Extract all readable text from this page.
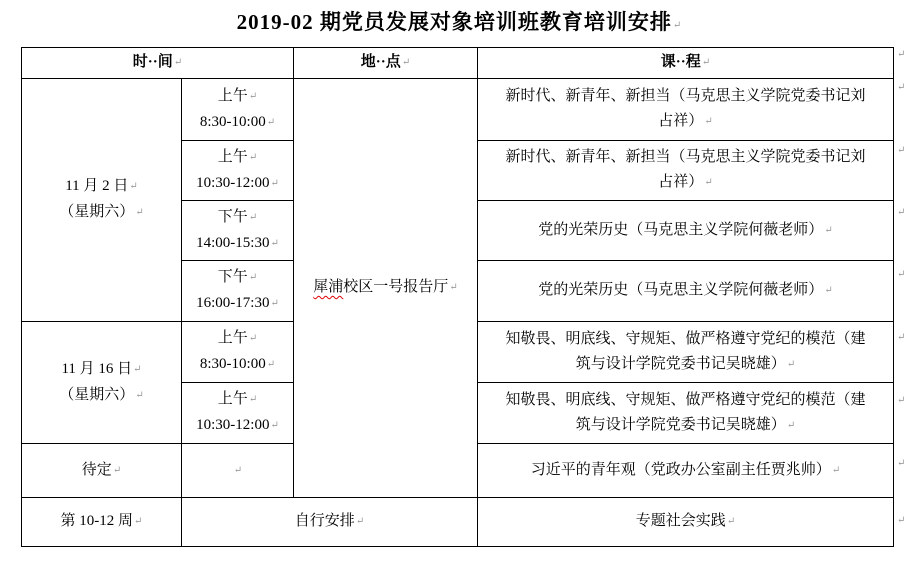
2019-02 期党员发展对象培训班教育培训安排↵
时··间↵		地··点↵	课··程↵

11 月 2 日↵
（星期六）↵	上午↵
8:30-10:00↵	犀浦校区一号报告厅↵	新时代、新青年、新担当（马克思主义学院党委书记刘
占祥）↵

	上午↵
10:30-12:00↵		新时代、新青年、新担当（马克思主义学院党委书记刘
占祥）↵

	下午↵
14:00-15:30↵		党的光荣历史（马克思主义学院何薇老师）↵

	下午↵
16:00-17:30↵		党的光荣历史（马克思主义学院何薇老师）↵

11 月 16 日↵
（星期六）↵	上午↵
8:30-10:00↵		知敬畏、明底线、守规矩、做严格遵守党纪的模范（建
筑与设计学院党委书记吴晓雄）↵

	上午↵
10:30-12:00↵		知敬畏、明底线、守规矩、做严格遵守党纪的模范（建
筑与设计学院党委书记吴晓雄）↵

待定↵	↵		习近平的青年观（党政办公室副主任贾兆帅）↵

第 10-12 周↵	自行安排↵		专题社会实践↵
↵
↵
↵
↵
↵
↵
↵
↵
↵
